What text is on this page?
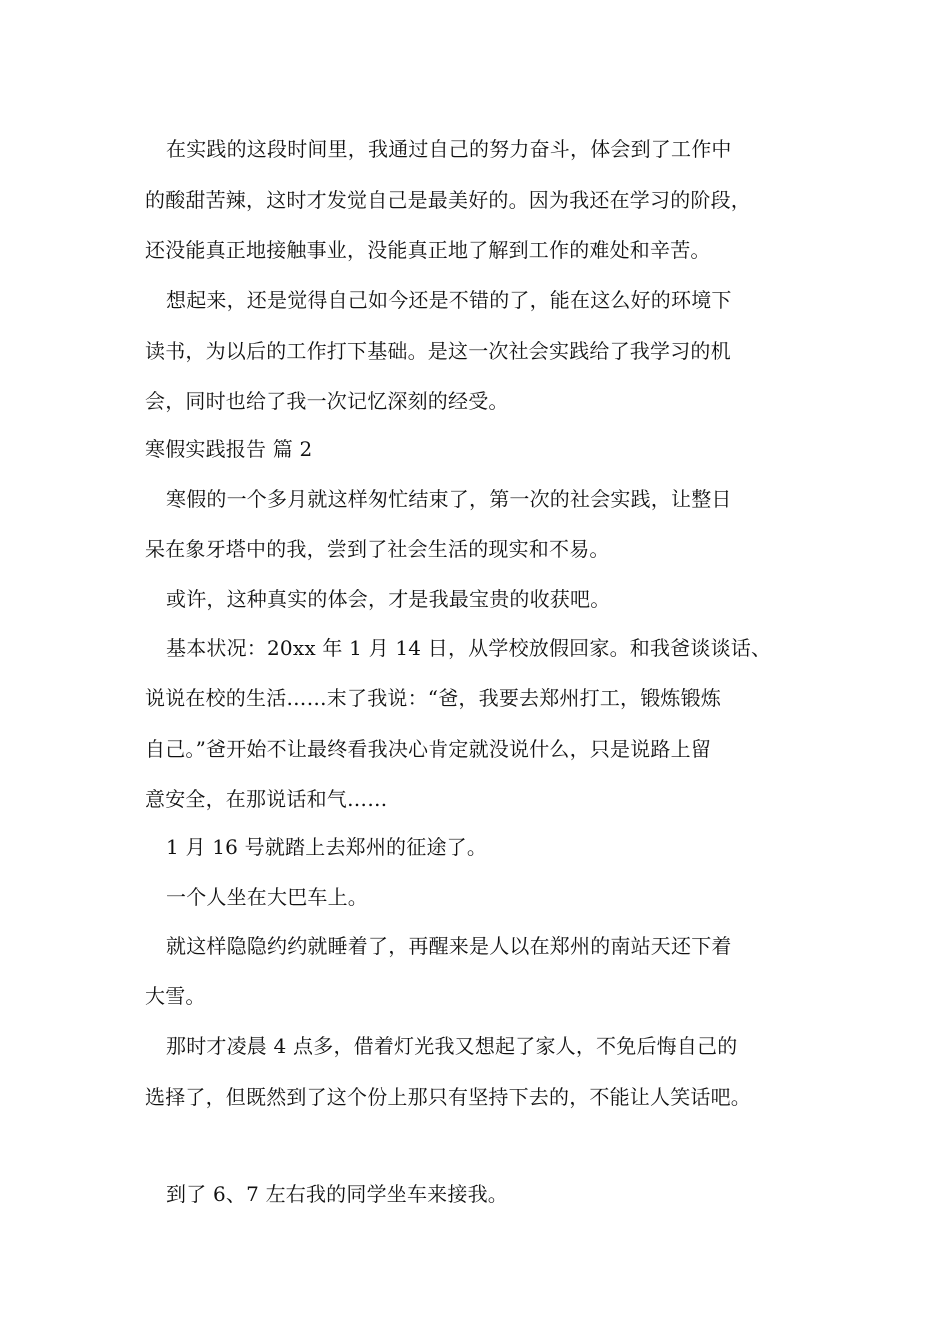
在实践的这段时间里，我通过自己的努力奋斗，体会到了工作中
的酸甜苦辣，这时才发觉自己是最美好的。因为我还在学习的阶段，
还没能真正地接触事业，没能真正地了解到工作的难处和辛苦。
想起来，还是觉得自己如今还是不错的了，能在这么好的环境下
读书，为以后的工作打下基础。是这一次社会实践给了我学习的机
会，同时也给了我一次记忆深刻的经受。
寒假实践报告 篇 2
寒假的一个多月就这样匆忙结束了，第一次的社会实践，让整日
呆在象牙塔中的我，尝到了社会生活的现实和不易。
或许，这种真实的体会，才是我最宝贵的收获吧。
基本状况：20xx 年 1 月 14 日，从学校放假回家。和我爸谈谈话、
说说在校的生活……末了我说：“爸，我要去郑州打工，锻炼锻炼
自己。”爸开始不让最终看我决心肯定就没说什么，只是说路上留
意安全，在那说话和气……
1 月 16 号就踏上去郑州的征途了。
一个人坐在大巴车上。
就这样隐隐约约就睡着了，再醒来是人以在郑州的南站天还下着
大雪。
那时才凌晨 4 点多，借着灯光我又想起了家人，不免后悔自己的
选择了，但既然到了这个份上那只有坚持下去的，不能让人笑话吧。
到了 6、7 左右我的同学坐车来接我。
